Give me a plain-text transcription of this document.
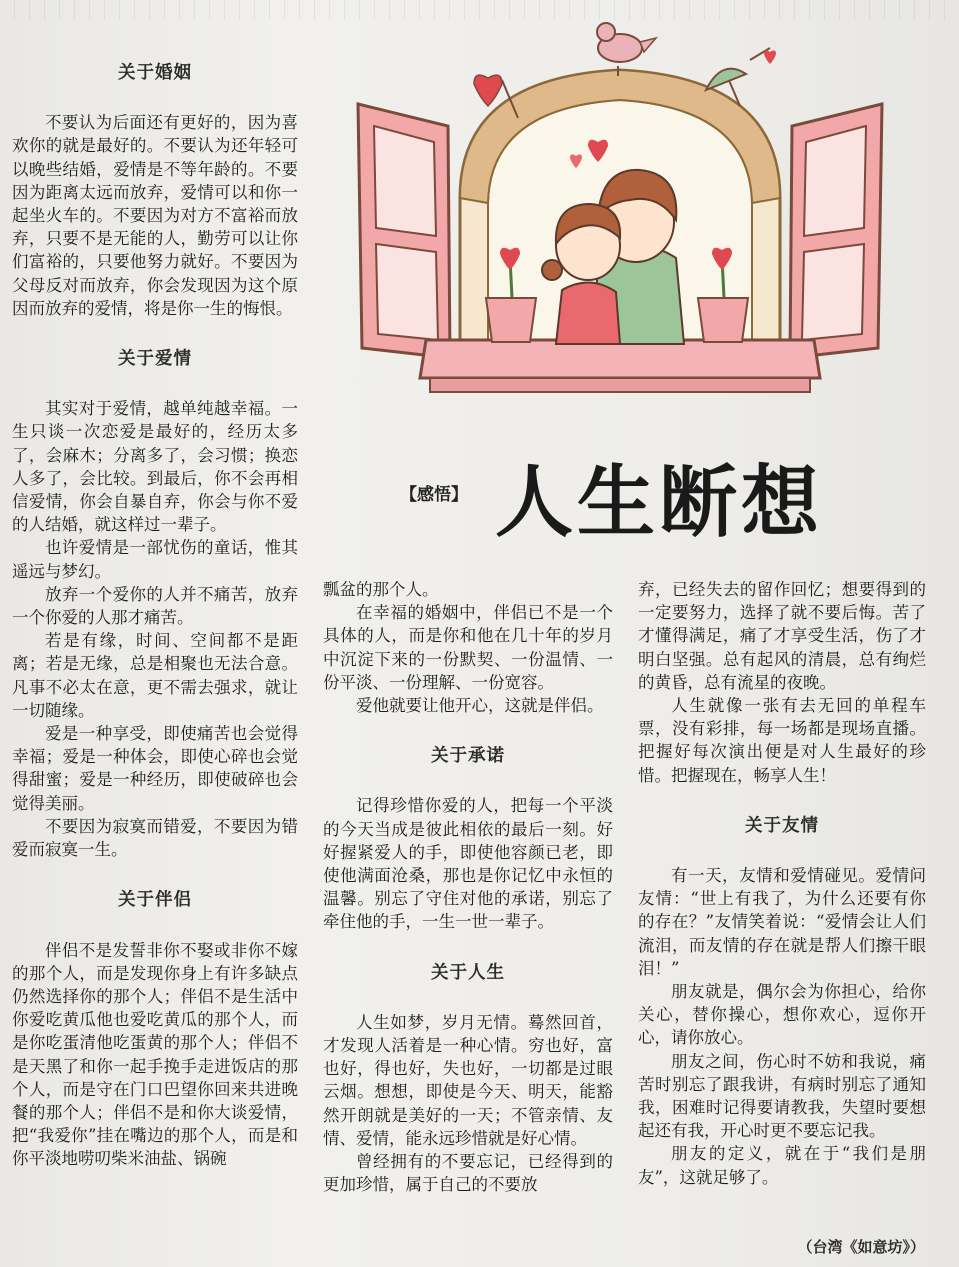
关于婚姻

不要认为后面还有更好的，因为喜欢你的就是最好的。不要认为还年轻可以晚些结婚，爱情是不等年龄的。不要因为距离太远而放弃，爱情可以和你一起坐火车的。不要因为对方不富裕而放弃，只要不是无能的人，勤劳可以让你们富裕的，只要他努力就好。不要因为父母反对而放弃，你会发现因为这个原因而放弃的爱情，将是你一生的悔恨。

关于爱情

其实对于爱情，越单纯越幸福。一生只谈一次恋爱是最好的，经历太多了，会麻木；分离多了，会习惯；换恋人多了，会比较。到最后，你不会再相信爱情，你会自暴自弃，你会与你不爱的人结婚，就这样过一辈子。

也许爱情是一部忧伤的童话，惟其遥远与梦幻。

放弃一个爱你的人并不痛苦，放弃一个你爱的人那才痛苦。

若是有缘，时间、空间都不是距离；若是无缘，总是相聚也无法合意。凡事不必太在意，更不需去强求，就让一切随缘。

爱是一种享受，即使痛苦也会觉得幸福；爱是一种体会，即使心碎也会觉得甜蜜；爱是一种经历，即使破碎也会觉得美丽。

不要因为寂寞而错爱，不要因为错爱而寂寞一生。

关于伴侣

伴侣不是发誓非你不娶或非你不嫁的那个人，而是发现你身上有许多缺点仍然选择你的那个人；伴侣不是生活中你爱吃黄瓜他也爱吃黄瓜的那个人，而是你吃蛋清他吃蛋黄的那个人；伴侣不是天黑了和你一起手挽手走进饭店的那个人，而是守在门口巴望你回来共进晚餐的那个人；伴侣不是和你大谈爱情，把“我爱你”挂在嘴边的那个人，而是和你平淡地唠叨柴米油盐、锅碗

【感悟】 人生断想

瓢盆的那个人。

在幸福的婚姻中，伴侣已不是一个具体的人，而是你和他在几十年的岁月中沉淀下来的一份默契、一份温情、一份平淡、一份理解、一份宽容。

爱他就要让他开心，这就是伴侣。

关于承诺

记得珍惜你爱的人，把每一个平淡的今天当成是彼此相依的最后一刻。好好握紧爱人的手，即使他容颜已老，即使他满面沧桑，那也是你记忆中永恒的温馨。别忘了守住对他的承诺，别忘了牵住他的手，一生一世一辈子。

关于人生

人生如梦，岁月无情。蓦然回首，才发现人活着是一种心情。穷也好，富也好，得也好，失也好，一切都是过眼云烟。想想，即使是今天、明天，能豁然开朗就是美好的一天；不管亲情、友情、爱情，能永远珍惜就是好心情。

曾经拥有的不要忘记，已经得到的更加珍惜，属于自己的不要放

弃，已经失去的留作回忆；想要得到的一定要努力，选择了就不要后悔。苦了才懂得满足，痛了才享受生活，伤了才明白坚强。总有起风的清晨，总有绚烂的黄昏，总有流星的夜晚。

人生就像一张有去无回的单程车票，没有彩排，每一场都是现场直播。把握好每次演出便是对人生最好的珍惜。把握现在，畅享人生！

关于友情

有一天，友情和爱情碰见。爱情问友情：“世上有我了，为什么还要有你的存在？”友情笑着说：“爱情会让人们流泪，而友情的存在就是帮人们擦干眼泪！”

朋友就是，偶尔会为你担心，给你关心，替你操心，想你欢心，逗你开心，请你放心。

朋友之间，伤心时不妨和我说，痛苦时别忘了跟我讲，有病时别忘了通知我，困难时记得要请教我，失望时要想起还有我，开心时更不要忘记我。

朋友的定义，就在于“我们是朋友”，这就足够了。

（台湾《如意坊》）
